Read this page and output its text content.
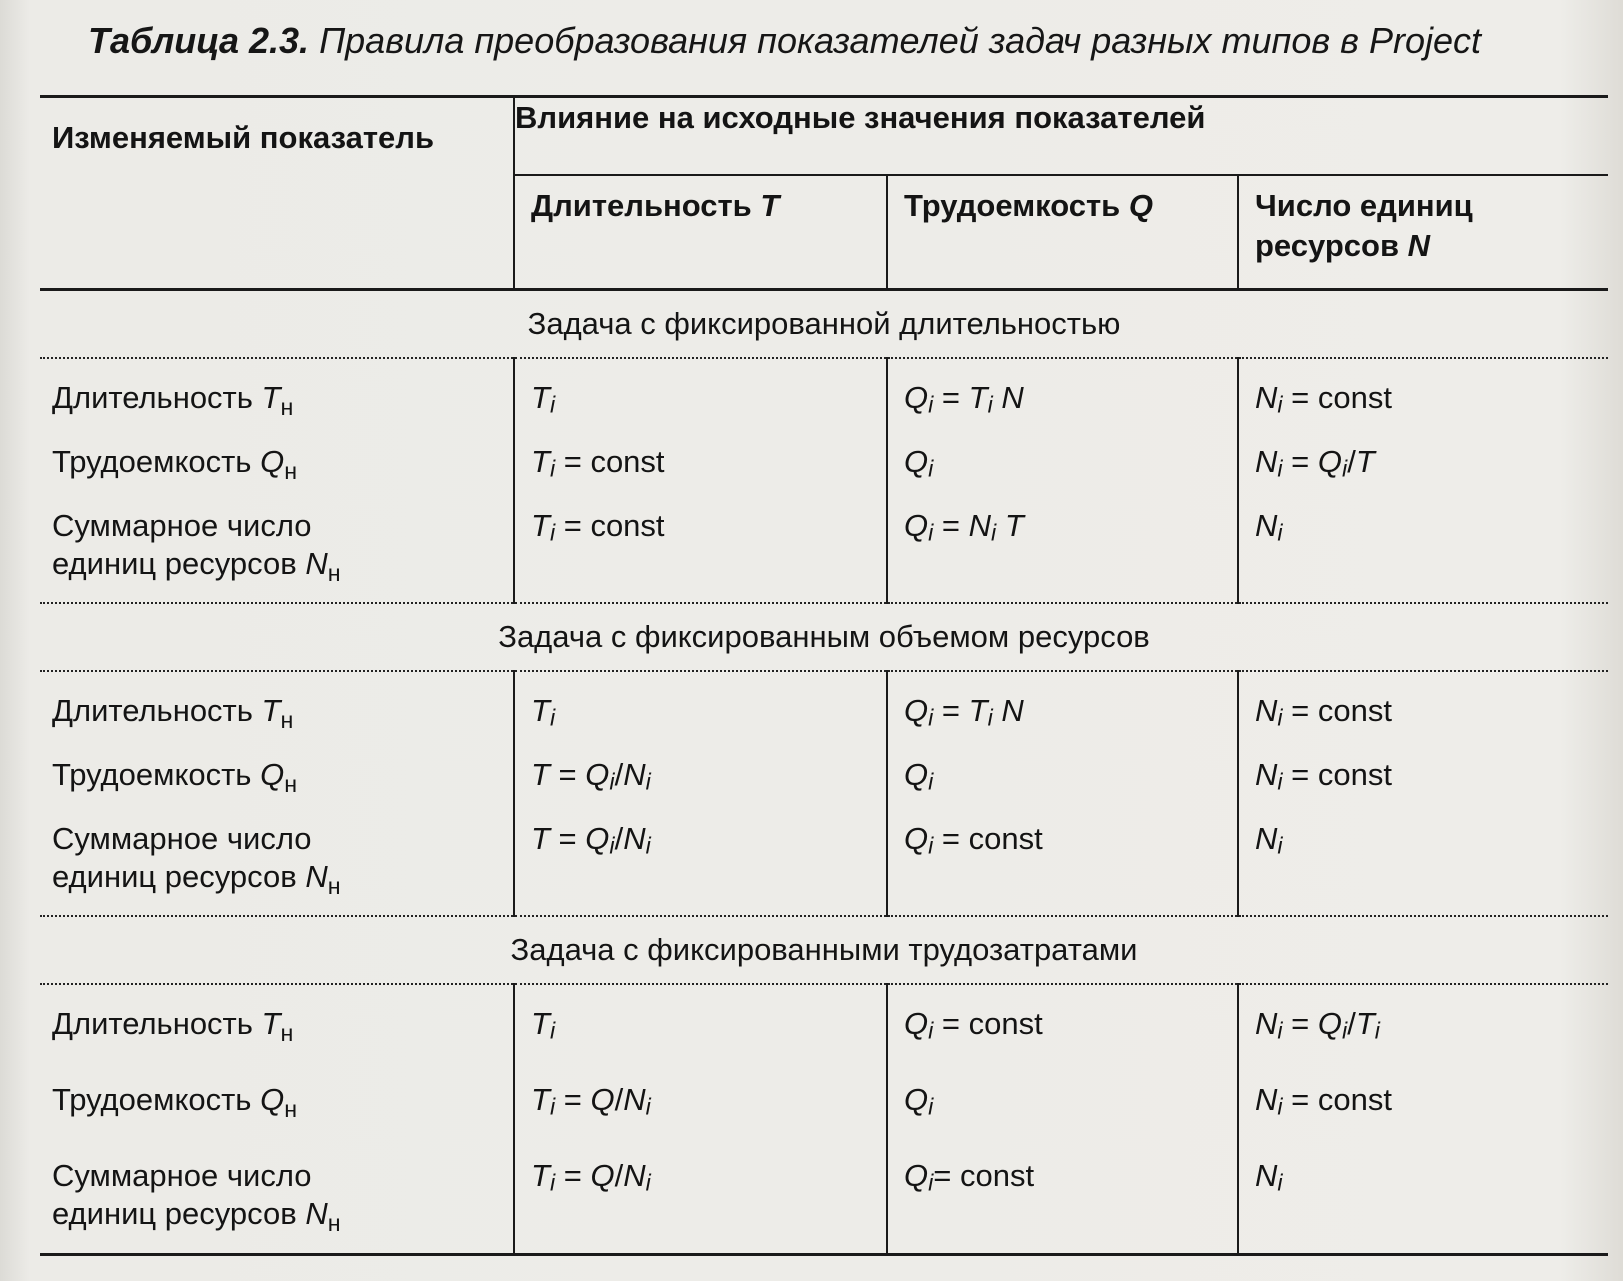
Таблица 2.3. Правила преобразования показателей задач разных типов в Project
Изменяемый показатель	Влияние на исходные значения показателей		
	Длительность T	Трудоемкость Q	Число единиц ресурсов N
Задача с фиксированной длительностью			
Длительность $T_н$	Ti	Qi = Ti N	Ni = const
Трудоемкость $Q_н$	Ti = const	Qi	Ni = Qi/T
Суммарное число
единиц ресурсов $N_н$	Ti = const	Qi = Ni T	Ni
Задача с фиксированным объемом ресурсов			
Длительность $T_н$	Ti	Qi = Ti N	Ni = const
Трудоемкость $Q_н$	T = Qi/Ni	Qi	Ni = const
Суммарное число
единиц ресурсов $N_н$	T = Qi/Ni	Qi = const	Ni
Задача с фиксированными трудозатратами			
Длительность $T_н$	Ti	Qi = const	Ni = Qi/Ti
Трудоемкость $Q_н$	Ti = Q/Ni	Qi	Ni = const
Суммарное число
единиц ресурсов $N_н$	Ti = Q/Ni	Qi= const	Ni
